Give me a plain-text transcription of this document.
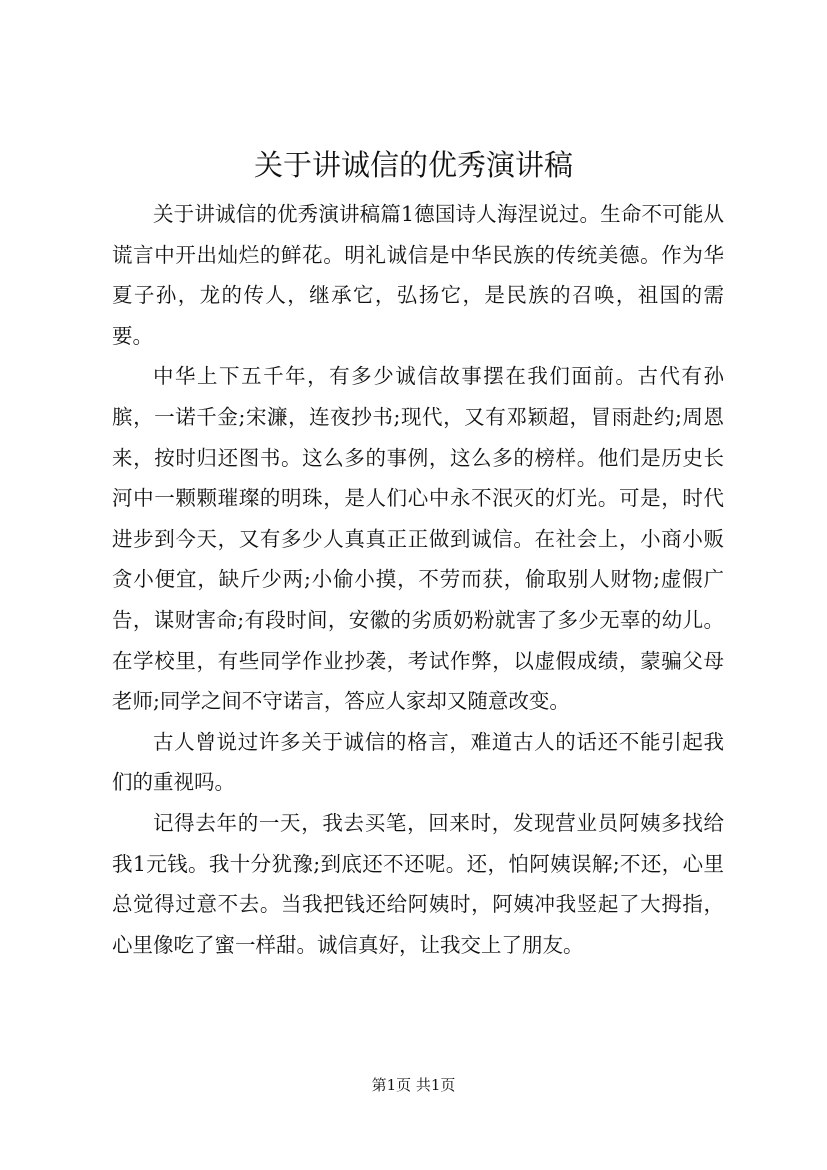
关于讲诚信的优秀演讲稿

关于讲诚信的优秀演讲稿篇1德国诗人海涅说过。生命不可能从谎言中开出灿烂的鲜花。明礼诚信是中华民族的传统美德。作为华夏子孙，龙的传人，继承它，弘扬它，是民族的召唤，祖国的需要。

中华上下五千年，有多少诚信故事摆在我们面前。古代有孙膑，一诺千金;宋濂，连夜抄书;现代，又有邓颖超，冒雨赴约;周恩来，按时归还图书。这么多的事例，这么多的榜样。他们是历史长河中一颗颗璀璨的明珠，是人们心中永不泯灭的灯光。可是，时代进步到今天，又有多少人真真正正做到诚信。在社会上，小商小贩贪小便宜，缺斤少两;小偷小摸，不劳而获，偷取别人财物;虚假广告，谋财害命;有段时间，安徽的劣质奶粉就害了多少无辜的幼儿。在学校里，有些同学作业抄袭，考试作弊，以虚假成绩，蒙骗父母老师;同学之间不守诺言，答应人家却又随意改变。

古人曾说过许多关于诚信的格言，难道古人的话还不能引起我们的重视吗。

记得去年的一天，我去买笔，回来时，发现营业员阿姨多找给我1元钱。我十分犹豫;到底还不还呢。还，怕阿姨误解;不还，心里总觉得过意不去。当我把钱还给阿姨时，阿姨冲我竖起了大拇指，心里像吃了蜜一样甜。诚信真好，让我交上了朋友。

第1页 共1页
